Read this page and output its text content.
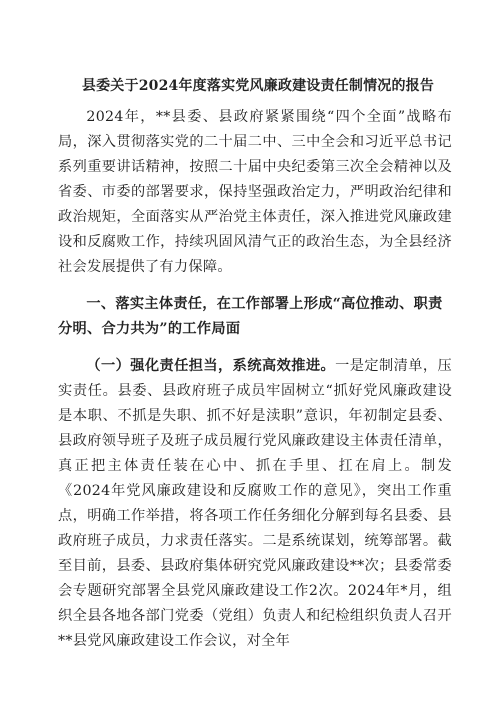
县委关于2024年度落实党风廉政建设责任制情况的报告

2024年，**县委、县政府紧紧围绕“四个全面”战略布局，深入贯彻落实党的二十届二中、三中全会和习近平总书记系列重要讲话精神，按照二十届中央纪委第三次全会精神以及省委、市委的部署要求，保持坚强政治定力，严明政治纪律和政治规矩，全面落实从严治党主体责任，深入推进党风廉政建设和反腐败工作，持续巩固风清气正的政治生态，为全县经济社会发展提供了有力保障。

一、落实主体责任，在工作部署上形成“高位推动、职责分明、合力共为”的工作局面

（一）强化责任担当，系统高效推进。一是定制清单，压实责任。县委、县政府班子成员牢固树立“抓好党风廉政建设是本职、不抓是失职、抓不好是渎职”意识，年初制定县委、县政府领导班子及班子成员履行党风廉政建设主体责任清单，真正把主体责任装在心中、抓在手里、扛在肩上。制发《2024年党风廉政建设和反腐败工作的意见》，突出工作重点，明确工作举措，将各项工作任务细化分解到每名县委、县政府班子成员，力求责任落实。二是系统谋划，统筹部署。截至目前，县委、县政府集体研究党风廉政建设**次；县委常委会专题研究部署全县党风廉政建设工作2次。2024年*月，组织全县各地各部门党委（党组）负责人和纪检组织负责人召开**县党风廉政建设工作会议，对全年
